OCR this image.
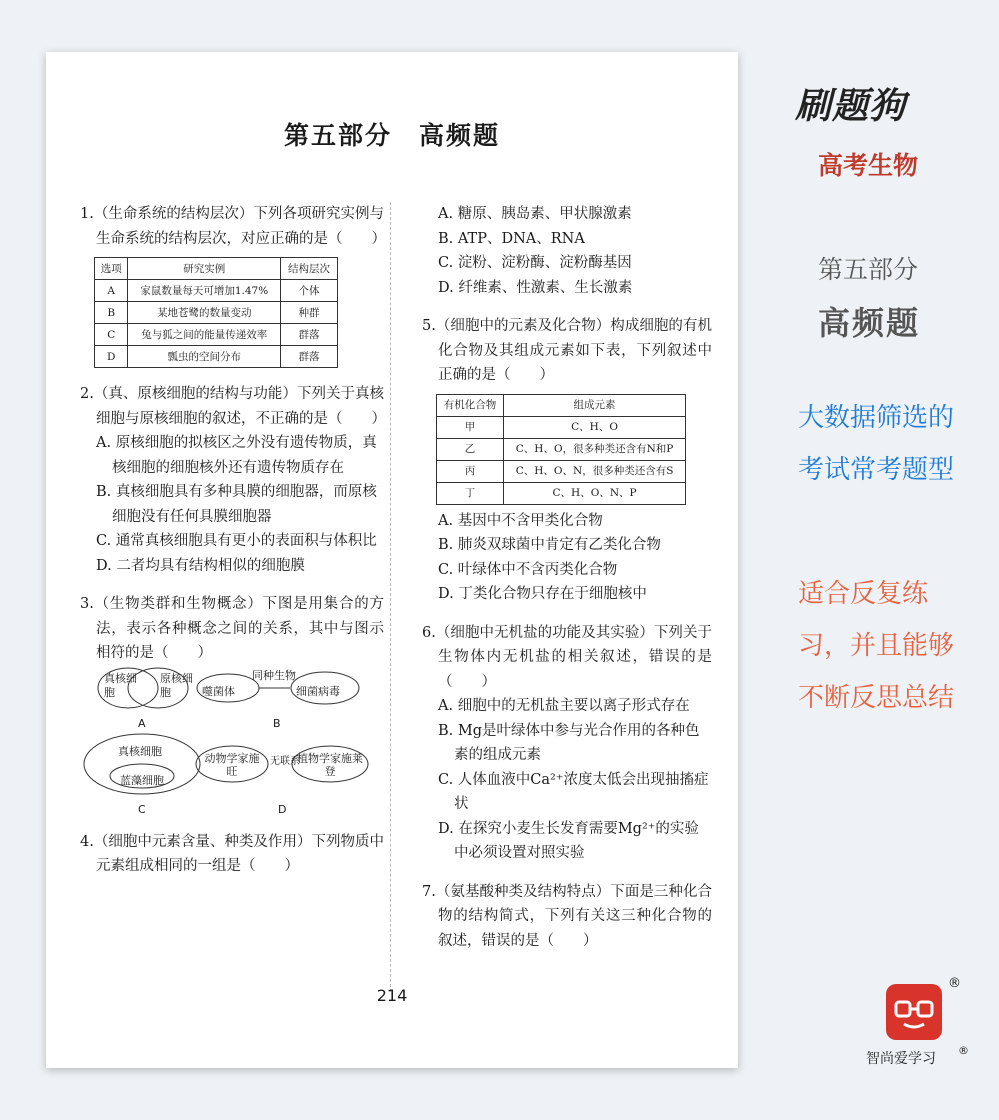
第五部分　高频题
1.（生命系统的结构层次）下列各项研究实例与生命系统的结构层次，对应正确的是（　　）
选项	研究实例	结构层次
A	家鼠数量每天可增加1.47%	个体
B	某地苍鹭的数量变动	种群
C	兔与狐之间的能量传递效率	群落
D	瓢虫的空间分布	群落
2.（真、原核细胞的结构与功能）下列关于真核细胞与原核细胞的叙述，不正确的是（　　）
A. 原核细胞的拟核区之外没有遗传物质，真核细胞的细胞核外还有遗传物质存在
B. 真核细胞具有多种具膜的细胞器，而原核细胞没有任何具膜细胞器
C. 通常真核细胞具有更小的表面积与体积比
D. 二者均具有结构相似的细胞膜
3.（生物类群和生物概念）下图是用集合的方法，表示各种概念之间的关系，其中与图示相符的是（　　）
真核细胞
原核细胞
A
噬菌体
同种生物
细菌病毒
B
真核细胞
蓝藻细胞
C
动物学家施旺
无联系
植物学家施莱登
D
4.（细胞中元素含量、种类及作用）下列物质中元素组成相同的一组是（　　）
A. 糖原、胰岛素、甲状腺激素
B. ATP、DNA、RNA
C. 淀粉、淀粉酶、淀粉酶基因
D. 纤维素、性激素、生长激素
5.（细胞中的元素及化合物）构成细胞的有机化合物及其组成元素如下表，下列叙述中正确的是（　　）
有机化合物	组成元素
甲	C、H、O
乙	C、H、O，很多种类还含有N和P
丙	C、H、O、N，很多种类还含有S
丁	C、H、O、N、P
A. 基因中不含甲类化合物
B. 肺炎双球菌中肯定有乙类化合物
C. 叶绿体中不含丙类化合物
D. 丁类化合物只存在于细胞核中
6.（细胞中无机盐的功能及其实验）下列关于生物体内无机盐的相关叙述，错误的是（　　）
A. 细胞中的无机盐主要以离子形式存在
B. Mg是叶绿体中参与光合作用的各种色素的组成元素
C. 人体血液中Ca²⁺浓度太低会出现抽搐症状
D. 在探究小麦生长发育需要Mg²⁺的实验中必须设置对照实验
7.（氨基酸种类及结构特点）下面是三种化合物的结构简式，下列有关这三种化合物的叙述，错误的是（　　）
214
刷题狗
高考生物
第五部分
高频题
大数据筛选的考试常考题型
适合反复练习，并且能够不断反思总结
®
智尚爱学习
®
